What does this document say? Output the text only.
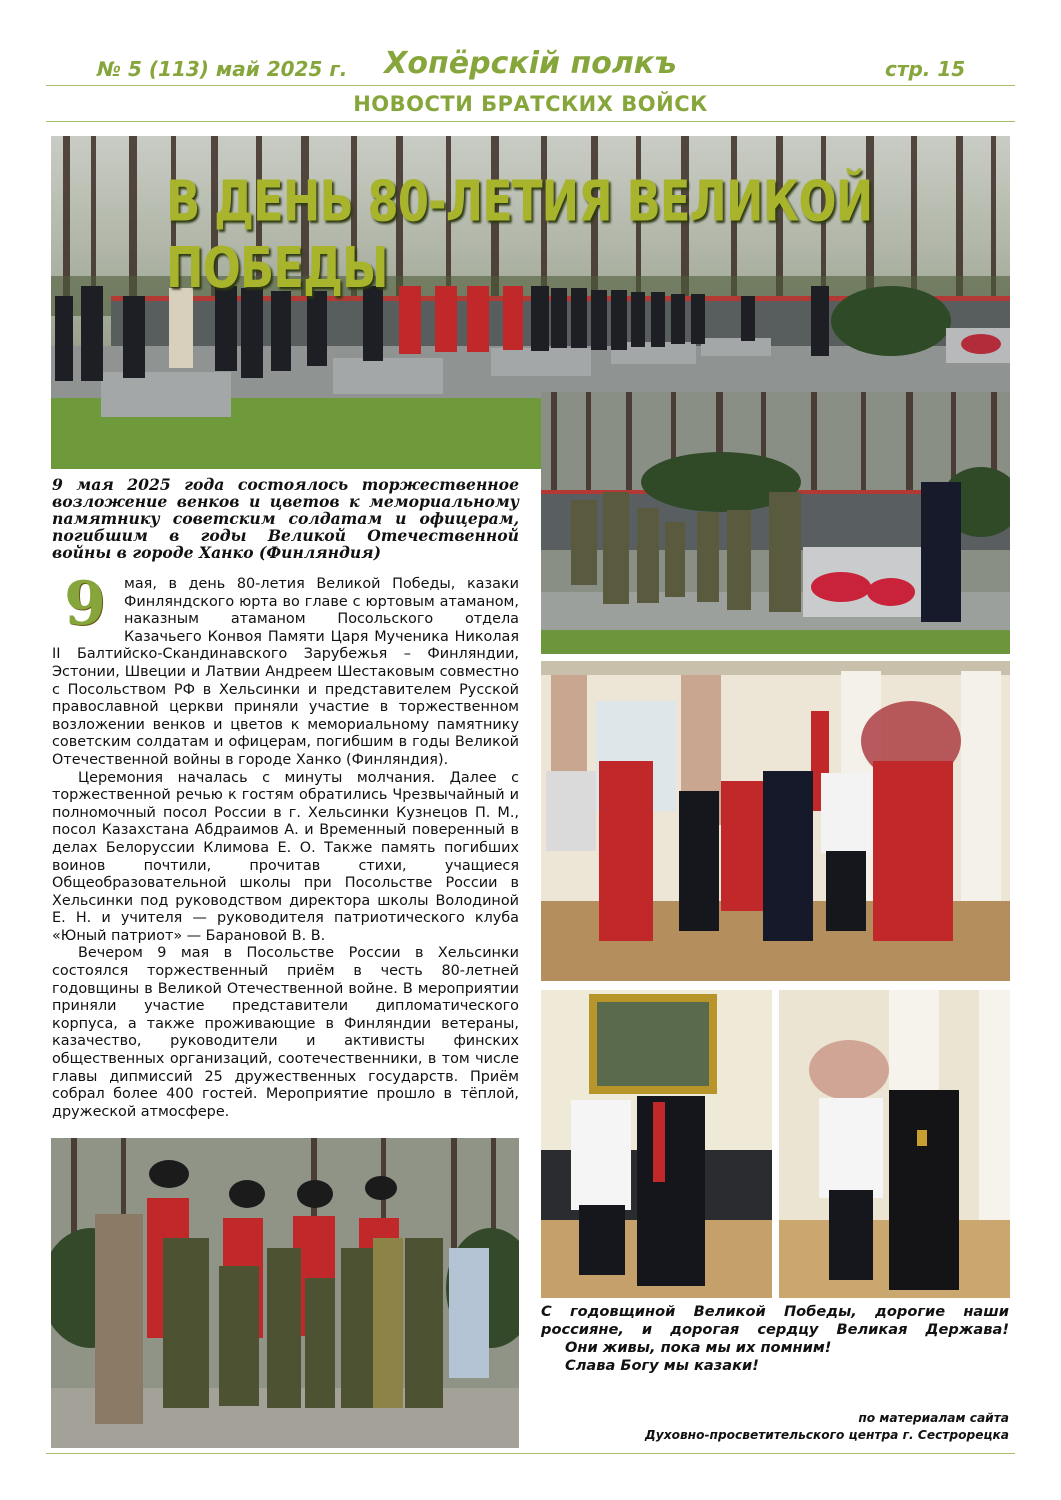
№ 5 (113) май 2025 г.	Хопёрскій полкъ	стр. 15
НОВОСТИ БРАТСКИХ ВОЙСК
В ДЕНЬ 80-ЛЕТИЯ ВЕЛИКОЙ ПОБЕДЫ
9 мая 2025 года состоялось торжественное возложение венков и цветов к мемориальному памятнику советским солдатам и офицерам, погибшим в годы Великой Отечественной войны в городе Ханко (Финляндия)

9	мая, в день 80-летия Великой Победы, казаки Финляндского юрта во главе с юртовым атаманом, наказным атаманом Посольского отдела Казачьего Конвоя Памяти Царя Мученика Николая II Балтийско-Скандинавского Зарубежья – Финляндии, Эстонии, Швеции и Латвии Андреем Шестаковым совместно с Посольством РФ в Хельсинки и представителем Русской православной церкви приняли участие в торжественном возложении венков и цветов к мемориальному памятнику советским солдатам и офицерам, погибшим в годы Великой Отечественной войны в городе Ханко (Финляндия).

Церемония началась с минуты молчания. Далее с торжественной речью к гостям обратились Чрезвычайный и полномочный посол России в г. Хельсинки Кузнецов П. М., посол Казахстана Абдраимов А. и Временный поверенный в делах Белоруссии Климова Е. О. Также память погибших воинов почтили, прочитав стихи, учащиеся Общеобразовательной школы при Посольстве России в Хельсинки под руководством директора школы Володиной Е. Н. и учителя — руководителя патриотического клуба «Юный патриот» — Барановой В. В.

Вечером 9 мая в Посольстве России в Хельсинки состоялся торжественный приём в честь 80-летней годовщины в Великой Отечественной войне. В мероприятии приняли участие представители дипломатического корпуса, а также проживающие в Финляндии ветераны, казачество, руководители и активисты финских общественных организаций, соотечественники, в том числе главы дипмиссий 25 дружественных государств. Приём собрал более 400 гостей. Мероприятие прошло в тёплой, дружеской атмосфере.

С годовщиной Великой Победы, дорогие наши россияне, и дорогая сердцу Великая Держава!
Они живы, пока мы их помним!
Слава Богу мы казаки!
по материалам сайта
Духовно-просветительского центра г. Сестрорецка
